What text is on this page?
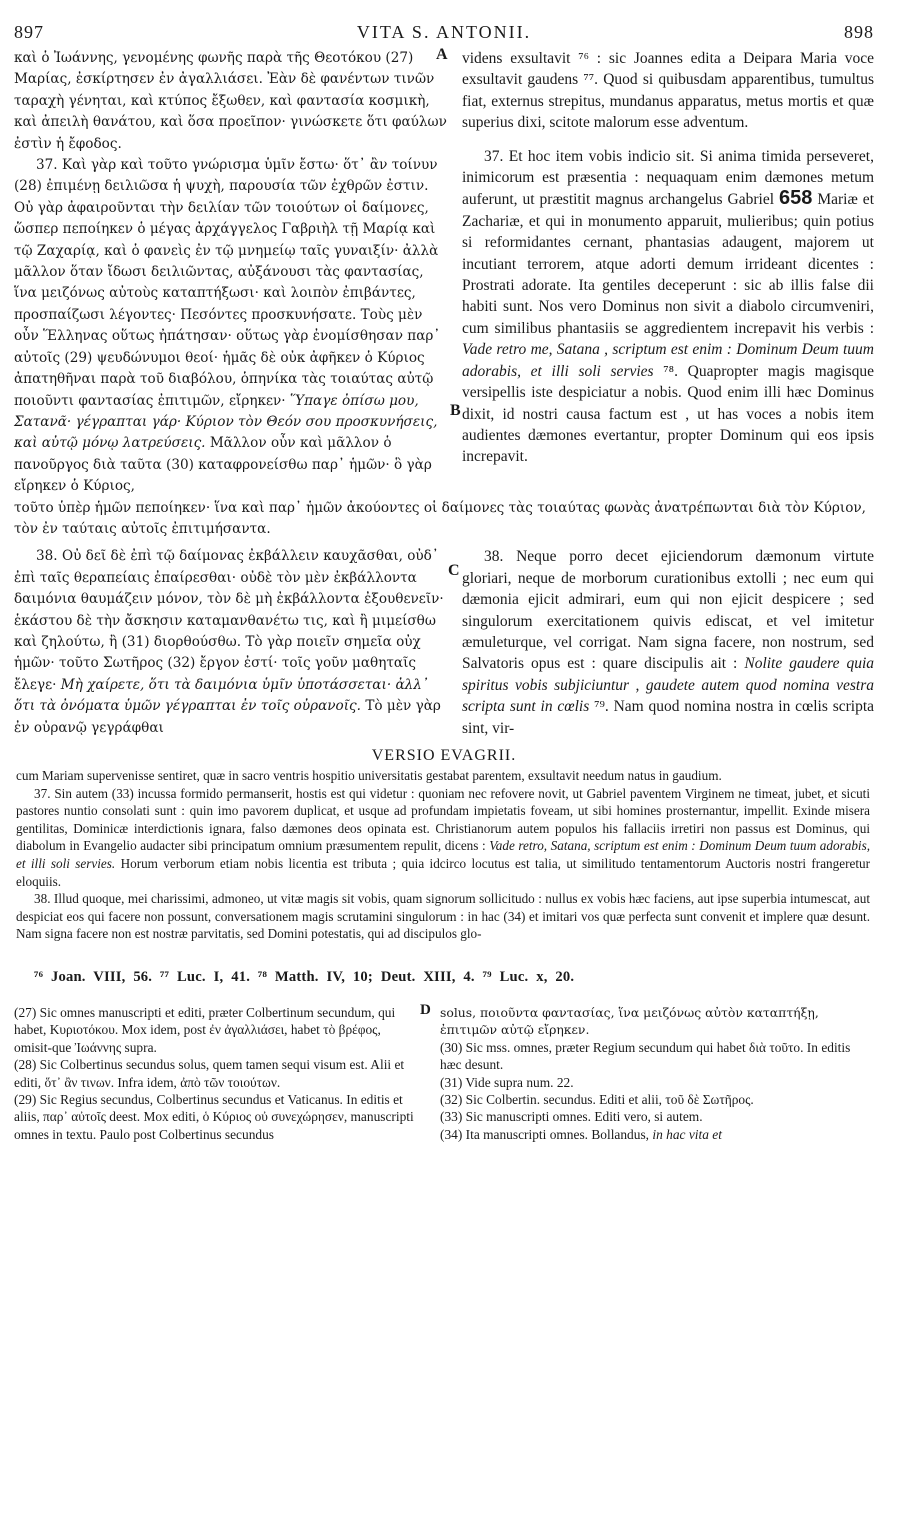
897	VITA S. ANTONII.	898
A
B

καὶ ὁ Ἰωάννης, γενομένης φωνῆς παρὰ τῆς Θεοτόκου (27) Μαρίας, ἐσκίρτησεν ἐν ἀγαλλιάσει. Ἐὰν δὲ φανέντων τινῶν ταραχὴ γένηται, καὶ κτύπος ἔξωθεν, καὶ φαντασία κοσμικὴ, καὶ ἀπειλὴ θανάτου, καὶ ὅσα προεῖπον· γινώσκετε ὅτι φαύλων ἐστὶν ἡ ἔφοδος.

37. Καὶ γὰρ καὶ τοῦτο γνώρισμα ὑμῖν ἔστω· ὅτ᾽ ἂν τοίνυν (28) ἐπιμένῃ δειλιῶσα ἡ ψυχὴ, παρουσία τῶν ἐχθρῶν ἐστιν. Οὐ γὰρ ἀφαιροῦνται τὴν δειλίαν τῶν τοιούτων οἱ δαίμονες, ὥσπερ πεποίηκεν ὁ μέγας ἀρχάγγελος Γαβριὴλ τῇ Μαρίᾳ καὶ τῷ Ζαχαρίᾳ, καὶ ὁ φανεὶς ἐν τῷ μνημείῳ ταῖς γυναιξίν· ἀλλὰ μᾶλλον ὅταν ἴδωσι δειλιῶντας, αὐξάνουσι τὰς φαντασίας, ἵνα μειζόνως αὐτοὺς καταπτήξωσι· καὶ λοιπὸν ἐπιβάντες, προσπαίζωσι λέγοντες· Πεσόντες προσκυνήσατε. Τοὺς μὲν οὖν Ἕλληνας οὕτως ἠπάτησαν· οὕτως γὰρ ἐνομίσθησαν παρ᾽ αὐτοῖς (29) ψευδώνυμοι θεοί· ἡμᾶς δὲ οὐκ ἀφῆκεν ὁ Κύριος ἀπατηθῆναι παρὰ τοῦ διαβόλου, ὁπηνίκα τὰς τοιαύτας αὐτῷ ποιοῦντι φαντασίας ἐπιτιμῶν, εἴρηκεν· Ὕπαγε ὀπίσω μου, Σατανᾶ· γέγραπται γάρ· Κύριον τὸν Θεόν σου προσκυνήσεις, καὶ αὐτῷ μόνῳ λατρεύσεις. Μᾶλλον οὖν καὶ μᾶλλον ὁ πανοῦργος διὰ ταῦτα (30) καταφρονείσθω παρ᾽ ἡμῶν· ὃ γὰρ εἴρηκεν ὁ Κύριος,

videns exsultavit ⁷⁶ : sic Joannes edita a Deipara Maria voce exsultavit gaudens ⁷⁷. Quod si quibusdam apparentibus, tumultus fiat, externus strepitus, mundanus apparatus, metus mortis et quæ superius dixi, scitote malorum esse adventum.

37. Et hoc item vobis indicio sit. Si anima timida perseveret, inimicorum est præsentia : nequaquam enim dæmones metum auferunt, ut præstitit magnus archangelus Gabriel 658 Mariæ et Zachariæ, et qui in monumento apparuit, mulieribus; quin potius si reformidantes cernant, phantasias adaugent, majorem ut incutiant terrorem, atque adorti demum irrideant dicentes : Prostrati adorate. Ita gentiles deceperunt : sic ab illis false dii habiti sunt. Nos vero Dominus non sivit a diabolo circumveniri, cum similibus phantasiis se aggredientem increpavit his verbis : Vade retro me, Satana , scriptum est enim : Dominum Deum tuum adorabis, et illi soli servies ⁷⁸. Quapropter magis magisque versipellis iste despiciatur a nobis. Quod enim illi hæc Dominus dixit, id nostri causa factum est , ut has voces a nobis item audientes dæmones evertantur, propter Dominum qui eos ipsis increpavit.

τοῦτο ὑπὲρ ἡμῶν πεποίηκεν· ἵνα καὶ παρ᾽ ἡμῶν ἀκούοντες οἱ δαίμονες τὰς τοιαύτας φωνὰς ἀνατρέπωνται διὰ τὸν Κύριον, τὸν ἐν ταύταις αὐτοῖς ἐπιτιμήσαντα.
C

38. Οὐ δεῖ δὲ ἐπὶ τῷ δαίμονας ἐκβάλλειν καυχᾶσθαι, οὐδ᾽ ἐπὶ ταῖς θεραπείαις ἐπαίρεσθαι· οὐδὲ τὸν μὲν ἐκβάλλοντα δαιμόνια θαυμάζειν μόνον, τὸν δὲ μὴ ἐκβάλλοντα ἐξουθενεῖν· ἑκάστου δὲ τὴν ἄσκησιν καταμανθανέτω τις, καὶ ἢ μιμείσθω καὶ ζηλούτω, ἢ (31) διορθούσθω. Τὸ γὰρ ποιεῖν σημεῖα οὐχ ἡμῶν· τοῦτο Σωτῆρος (32) ἔργον ἐστί· τοῖς γοῦν μαθηταῖς ἔλεγε· Μὴ χαίρετε, ὅτι τὰ δαιμόνια ὑμῖν ὑποτάσσεται· ἀλλ᾽ ὅτι τὰ ὀνόματα ὑμῶν γέγραπται ἐν τοῖς οὐρανοῖς. Τὸ μὲν γὰρ ἐν οὐρανῷ γεγράφθαι

38. Neque porro decet ejiciendorum dæmonum virtute gloriari, neque de morborum curationibus extolli ; nec eum qui dæmonia ejicit admirari, eum qui non ejicit despicere ; sed singulorum exercitationem quivis ediscat, et vel imitetur æmuleturque, vel corrigat. Nam signa facere, non nostrum, sed Salvatoris opus est : quare discipulis ait : Nolite gaudere quia spiritus vobis subjiciuntur , gaudete autem quod nomina vestra scripta sunt in cœlis ⁷⁹. Nam quod nomina nostra in cœlis scripta sint, vir-

VERSIO EVAGRII.

cum Mariam supervenisse sentiret, quæ in sacro ventris hospitio universitatis gestabat parentem, exsultavit needum natus in gaudium.

37. Sin autem (33) incussa formido permanserit, hostis est qui videtur : quoniam nec refovere novit, ut Gabriel paventem Virginem ne timeat, jubet, et sicuti pastores nuntio consolati sunt : quin imo pavorem duplicat, et usque ad profundam impietatis foveam, ut sibi homines prosternantur, impellit. Exinde misera gentilitas, Dominicæ interdictionis ignara, falso dæmones deos opinata est. Christianorum autem populos his fallaciis irretiri non passus est Dominus, qui diabolum in Evangelio audacter sibi principatum omnium præsumentem repulit, dicens : Vade retro, Satana, scriptum est enim : Dominum Deum tuum adorabis, et illi soli servies. Horum verborum etiam nobis licentia est tributa ; quia idcirco locutus est talia, ut similitudo tentamentorum Auctoris nostri frangeretur eloquiis.

38. Illud quoque, mei charissimi, admoneo, ut vitæ magis sit vobis, quam signorum sollicitudo : nullus ex vobis hæc faciens, aut ipse superbia intumescat, aut despiciat eos qui facere non possunt, conversationem magis scrutamini singulorum : in hac (34) et imitari vos quæ perfecta sunt convenit et implere quæ desunt. Nam signa facere non est nostræ parvitatis, sed Domini potestatis, qui ad discipulos glo-

⁷⁶ Joan. VIII, 56. ⁷⁷ Luc. I, 41. ⁷⁸ Matth. IV, 10; Deut. XIII, 4. ⁷⁹ Luc. x, 20.

(27) Sic omnes manuscripti et editi, præter Colbertinum secundum, qui habet, Κυριοτόκου. Mox idem, post ἐν ἀγαλλιάσει, habet τὸ βρέφος, omisit-que Ἰωάννης supra.

(28) Sic Colbertinus secundus solus, quem tamen sequi visum est. Alii et editi, ὅτ᾽ ἂν τινων. Infra idem, ἀπὸ τῶν τοιούτων.

(29) Sic Regius secundus, Colbertinus secundus et Vaticanus. In editis et aliis, παρ᾽ αὐτοῖς deest. Mox editi, ὁ Κύριος οὐ συνεχώρησεν, manuscripti omnes in textu. Paulo post Colbertinus secundus

D solus, ποιοῦντα φαντασίας, ἵνα μειζόνως αὐτὸν καταπτήξῃ, ἐπιτιμῶν αὐτῷ εἴρηκεν.

(30) Sic mss. omnes, præter Regium secundum qui habet διὰ τοῦτο. In editis hæc desunt.

(31) Vide supra num. 22.

(32) Sic Colbertin. secundus. Editi et alii, τοῦ δὲ Σωτῆρος.

(33) Sic manuscripti omnes. Editi vero, si autem.

(34) Ita manuscripti omnes. Bollandus, in hac vita et
